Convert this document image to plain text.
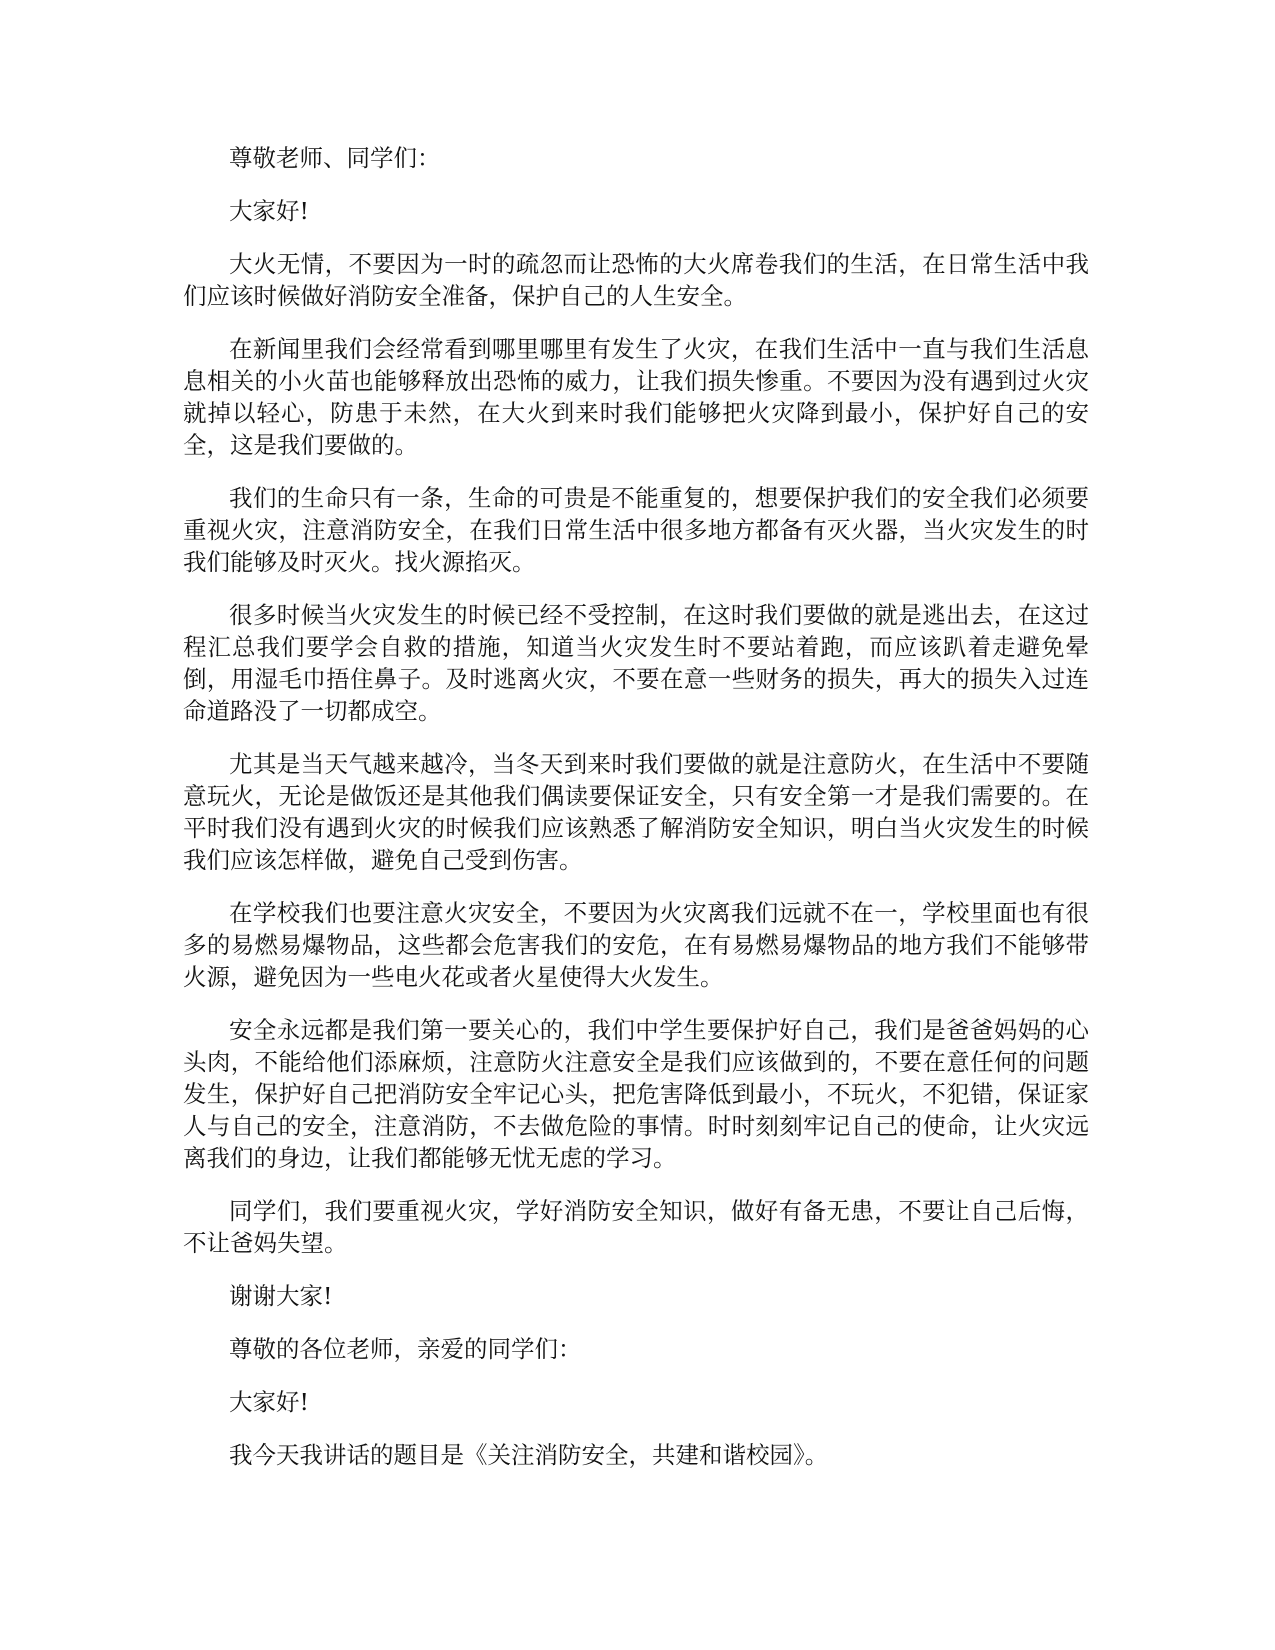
尊敬老师、同学们：

大家好!

大火无情，不要因为一时的疏忽而让恐怖的大火席卷我们的生活，在日常生活中我们应该时候做好消防安全准备，保护自己的人生安全。

在新闻里我们会经常看到哪里哪里有发生了火灾，在我们生活中一直与我们生活息息相关的小火苗也能够释放出恐怖的威力，让我们损失惨重。不要因为没有遇到过火灾就掉以轻心，防患于未然，在大火到来时我们能够把火灾降到最小，保护好自己的安全，这是我们要做的。

我们的生命只有一条，生命的可贵是不能重复的，想要保护我们的安全我们必须要重视火灾，注意消防安全，在我们日常生活中很多地方都备有灭火器，当火灾发生的时我们能够及时灭火。找火源掐灭。

很多时候当火灾发生的时候已经不受控制，在这时我们要做的就是逃出去，在这过程汇总我们要学会自救的措施，知道当火灾发生时不要站着跑，而应该趴着走避免晕倒，用湿毛巾捂住鼻子。及时逃离火灾，不要在意一些财务的损失，再大的损失入过连命道路没了一切都成空。

尤其是当天气越来越冷，当冬天到来时我们要做的就是注意防火，在生活中不要随意玩火，无论是做饭还是其他我们偶读要保证安全，只有安全第一才是我们需要的。在平时我们没有遇到火灾的时候我们应该熟悉了解消防安全知识，明白当火灾发生的时候我们应该怎样做，避免自己受到伤害。

在学校我们也要注意火灾安全，不要因为火灾离我们远就不在一，学校里面也有很多的易燃易爆物品，这些都会危害我们的安危，在有易燃易爆物品的地方我们不能够带火源，避免因为一些电火花或者火星使得大火发生。

安全永远都是我们第一要关心的，我们中学生要保护好自己，我们是爸爸妈妈的心头肉，不能给他们添麻烦，注意防火注意安全是我们应该做到的，不要在意任何的问题发生，保护好自己把消防安全牢记心头，把危害降低到最小，不玩火，不犯错，保证家人与自己的安全，注意消防，不去做危险的事情。时时刻刻牢记自己的使命，让火灾远离我们的身边，让我们都能够无忧无虑的学习。

同学们，我们要重视火灾，学好消防安全知识，做好有备无患，不要让自己后悔，不让爸妈失望。

谢谢大家!

尊敬的各位老师，亲爱的同学们：

大家好!

我今天我讲话的题目是《关注消防安全，共建和谐校园》。
